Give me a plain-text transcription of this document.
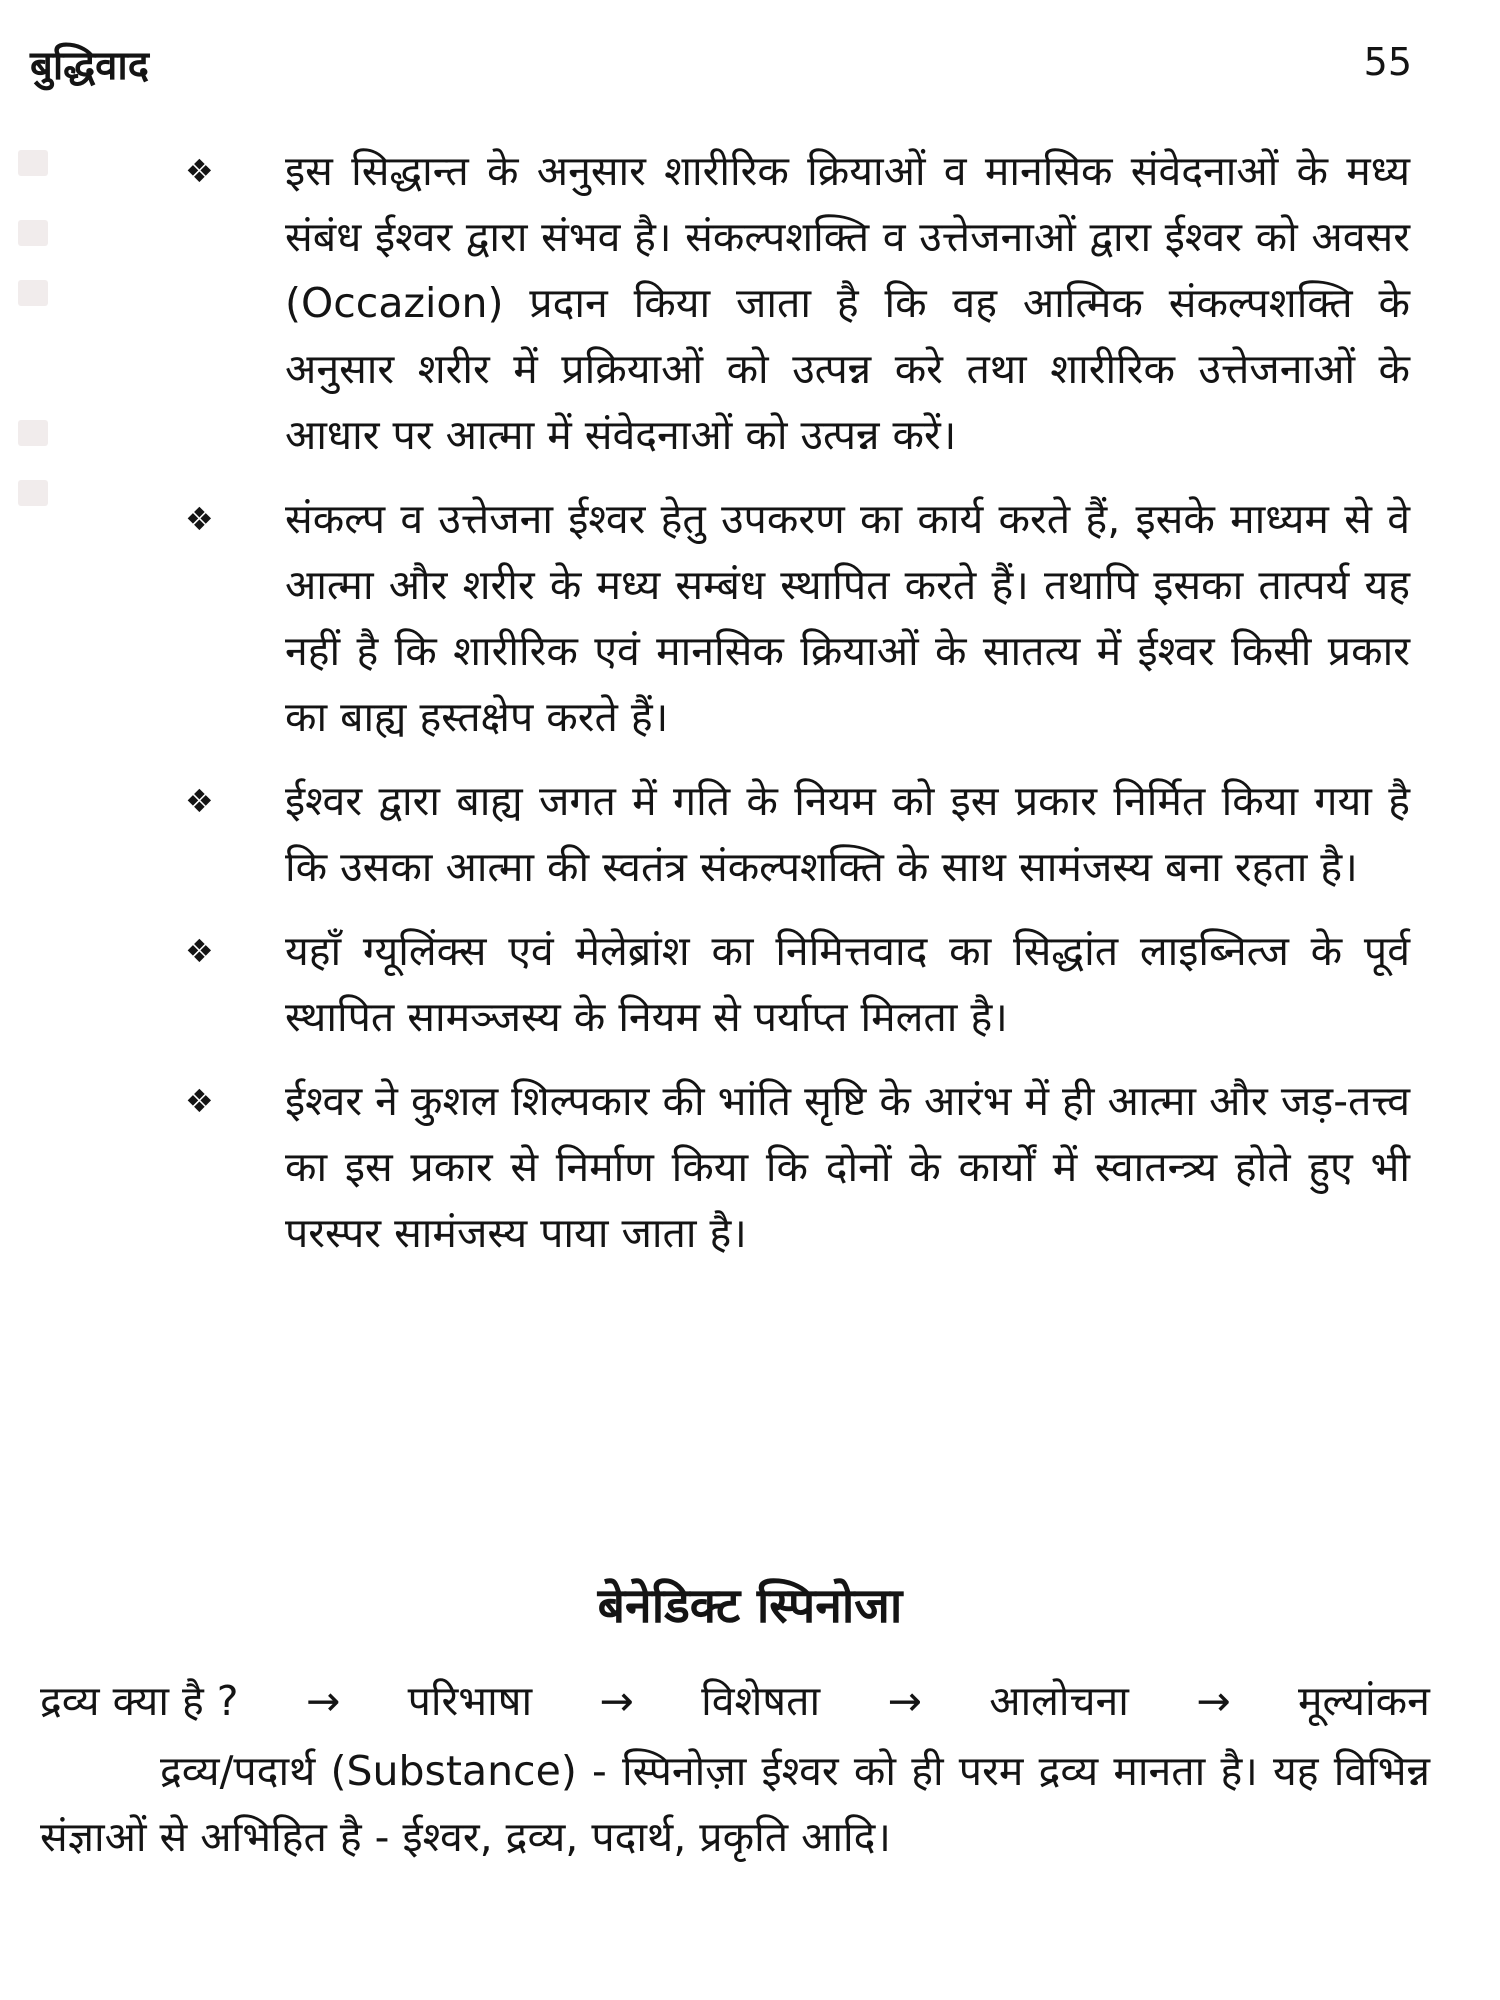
बुद्धिवाद	55
❖ इस सिद्धान्त के अनुसार शारीरिक क्रियाओं व मानसिक संवेदनाओं के मध्य संबंध ईश्वर द्वारा संभव है। संकल्पशक्ति व उत्तेजनाओं द्वारा ईश्वर को अवसर (Occazion) प्रदान किया जाता है कि वह आत्मिक संकल्पशक्ति के अनुसार शरीर में प्रक्रियाओं को उत्पन्न करे तथा शारीरिक उत्तेजनाओं के आधार पर आत्मा में संवेदनाओं को उत्पन्न करें।
❖ संकल्प व उत्तेजना ईश्वर हेतु उपकरण का कार्य करते हैं, इसके माध्यम से वे आत्मा और शरीर के मध्य सम्बंध स्थापित करते हैं। तथापि इसका तात्पर्य यह नहीं है कि शारीरिक एवं मानसिक क्रियाओं के सातत्य में ईश्वर किसी प्रकार का बाह्य हस्तक्षेप करते हैं।
❖ ईश्वर द्वारा बाह्य जगत में गति के नियम को इस प्रकार निर्मित किया गया है कि उसका आत्मा की स्वतंत्र संकल्पशक्ति के साथ सामंजस्य बना रहता है।
❖ यहाँ ग्यूलिंक्स एवं मेलेब्रांश का निमित्तवाद का सिद्धांत लाइब्नित्ज के पूर्व स्थापित सामञ्जस्य के नियम से पर्याप्त मिलता है।
❖ ईश्वर ने कुशल शिल्पकार की भांति सृष्टि के आरंभ में ही आत्मा और जड़-तत्त्व का इस प्रकार से निर्माण किया कि दोनों के कार्यों में स्वातन्त्र्य होते हुए भी परस्पर सामंजस्य पाया जाता है।
बेनेडिक्ट स्पिनोजा
द्रव्य क्या है ? → परिभाषा → विशेषता → आलोचना → मूल्यांकन

द्रव्य/पदार्थ (Substance) - स्पिनोज़ा ईश्वर को ही परम द्रव्य मानता है। यह विभिन्न संज्ञाओं से अभिहित है - ईश्वर, द्रव्य, पदार्थ, प्रकृति आदि।
